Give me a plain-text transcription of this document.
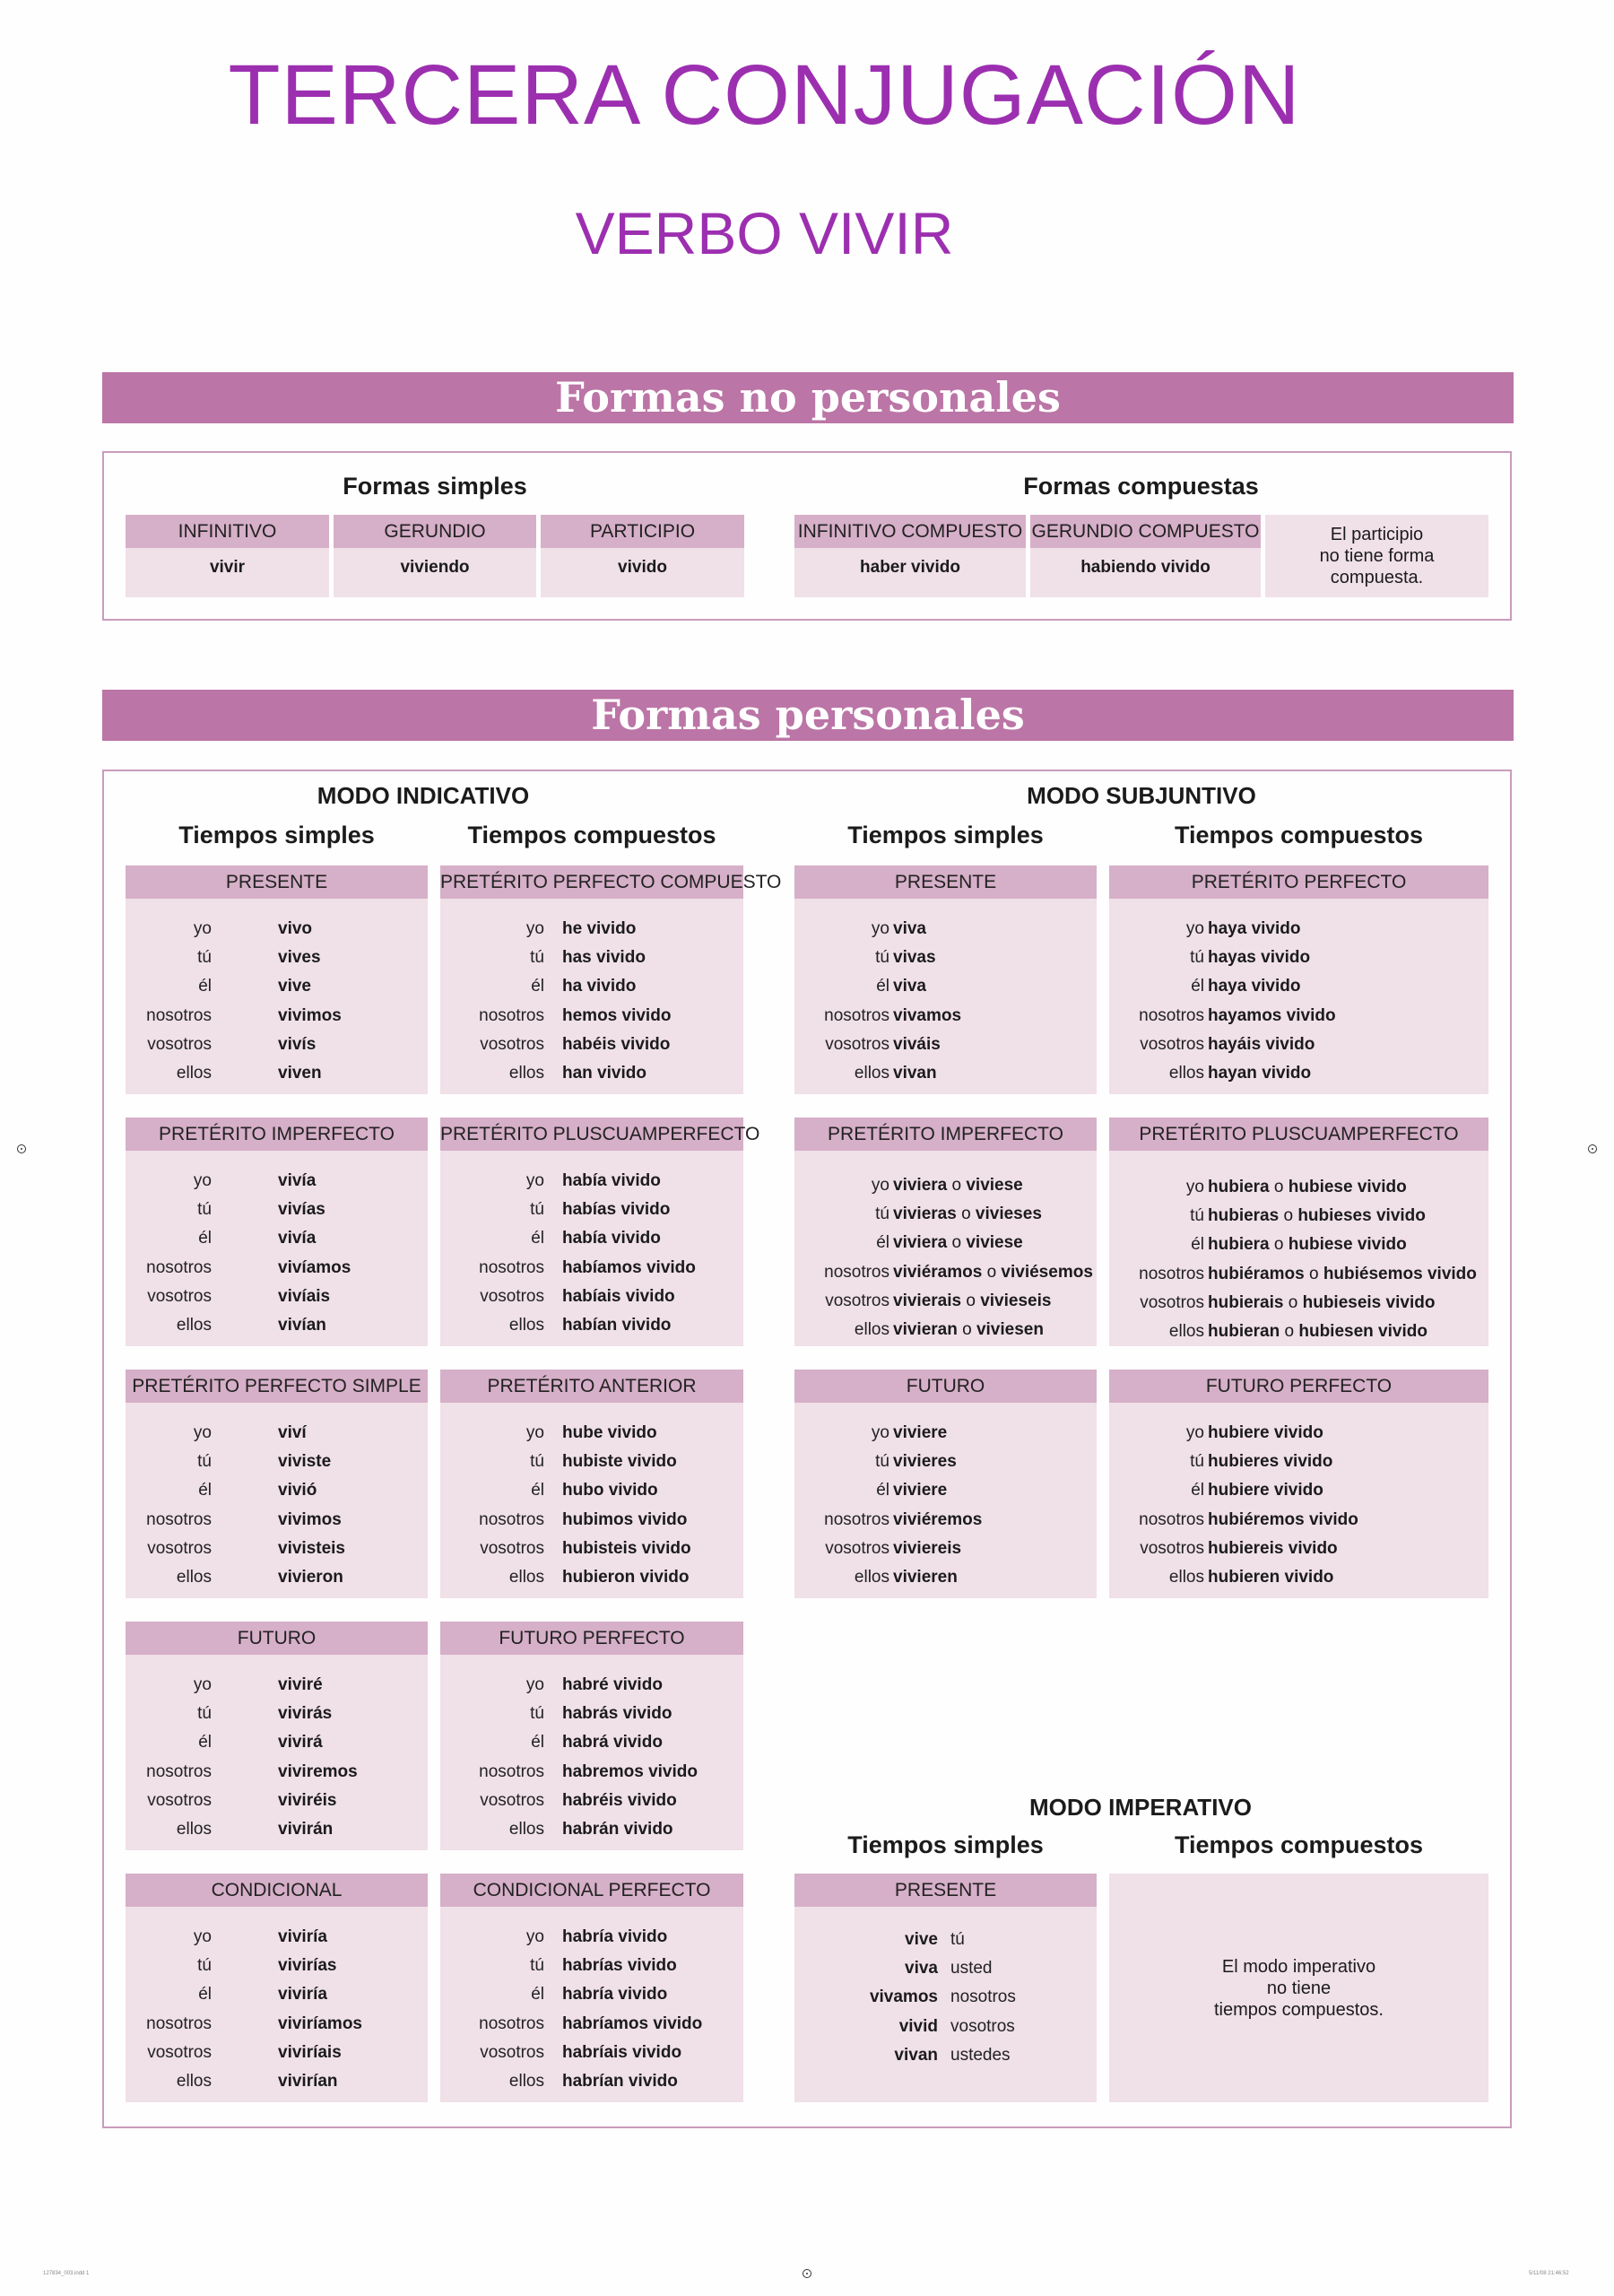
TERCERA CONJUGACIÓN
VERBO VIVIR
Formas no personales
Formas simples	Formas compuestas
INFINITIVO
vivir
GERUNDIO
viviendo
PARTICIPIO
vivido
INFINITIVO COMPUESTO
haber vivido
GERUNDIO COMPUESTO
habiendo vivido
El participio
no tiene forma
compuesta.
Formas personales
MODO INDICATIVO	MODO SUBJUNTIVO
Tiempos simples	Tiempos compuestos	Tiempos simples	Tiempos compuestos
PRESENTE
yo	vivo
tú	vives
él	vive
nosotros	vivimos
vosotros	vivís
ellos	viven
PRETÉRITO PERFECTO COMPUESTO
yo he vivido
tú has vivido
él ha vivido
nosotros hemos vivido
vosotros habéis vivido
ellos han vivido
PRETÉRITO IMPERFECTO
yo	vivía
tú	vivías
él	vivía
nosotros	vivíamos
vosotros	vivíais
ellos	vivían
PRETÉRITO PLUSCUAMPERFECTO
yo había vivido
tú habías vivido
él había vivido
nosotros habíamos vivido
vosotros habíais vivido
ellos habían vivido
PRETÉRITO PERFECTO SIMPLE
yo	viví
tú	viviste
él	vivió
nosotros	vivimos
vosotros	vivisteis
ellos	vivieron
PRETÉRITO ANTERIOR
yo hube vivido
tú hubiste vivido
él hubo vivido
nosotros hubimos vivido
vosotros hubisteis vivido
ellos hubieron vivido
FUTURO
yo	viviré
tú	vivirás
él	vivirá
nosotros	viviremos
vosotros	viviréis
ellos	vivirán
FUTURO PERFECTO
yo habré vivido
tú habrás vivido
él habrá vivido
nosotros habremos vivido
vosotros habréis vivido
ellos habrán vivido
CONDICIONAL
yo	viviría
tú	vivirías
él	viviría
nosotros	viviríamos
vosotros	viviríais
ellos	vivirían
CONDICIONAL PERFECTO
yo habría vivido
tú habrías vivido
él habría vivido
nosotros habríamos vivido
vosotros habríais vivido
ellos habrían vivido
PRESENTE
yo viva
tú vivas
él viva
nosotros vivamos
vosotros viváis
ellos vivan
PRETÉRITO PERFECTO
yo haya vivido
tú hayas vivido
él haya vivido
nosotros hayamos vivido
vosotros hayáis vivido
ellos hayan vivido
PRETÉRITO IMPERFECTO
yo viviera o viviese
tú vivieras o vivieses
él viviera o viviese
nosotros viviéramos o viviésemos
vosotros vivierais o vivieseis
ellos vivieran o viviesen
PRETÉRITO PLUSCUAMPERFECTO
yo hubiera o hubiese vivido
tú hubieras o hubieses vivido
él hubiera o hubiese vivido
nosotros hubiéramos o hubiésemos vivido
vosotros hubierais o hubieseis vivido
ellos hubieran o hubiesen vivido
FUTURO
yo viviere
tú vivieres
él viviere
nosotros viviéremos
vosotros viviereis
ellos vivieren
FUTURO PERFECTO
yo hubiere vivido
tú hubieres vivido
él hubiere vivido
nosotros hubiéremos vivido
vosotros hubiereis vivido
ellos hubieren vivido
MODO IMPERATIVO
Tiempos simples	Tiempos compuestos
PRESENTE
vive tú
viva usted
vivamos nosotros
vivid vosotros
vivan ustedes
El modo imperativo
no tiene
tiempos compuestos.
127834_003.indd 1	5/11/08 21:46:52
